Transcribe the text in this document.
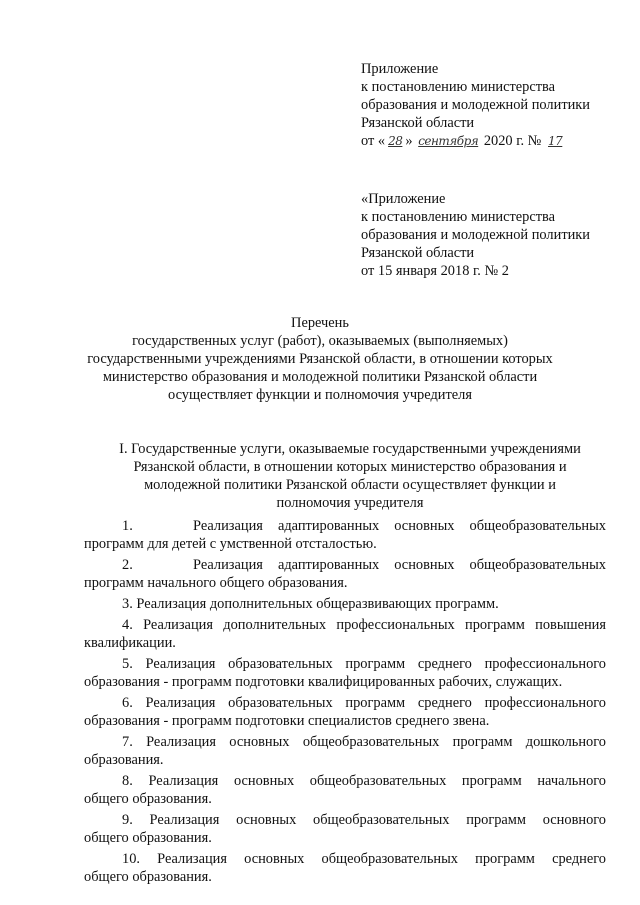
Приложение
к постановлению министерства
образования и молодежной политики
Рязанской области
от « 28 » сентября 2020 г. № 17
«Приложение
к постановлению министерства
образования и молодежной политики
Рязанской области
от 15 января 2018 г. № 2
Перечень
государственных услуг (работ), оказываемых (выполняемых)
государственными учреждениями Рязанской области, в отношении которых
министерство образования и молодежной политики Рязанской области
осуществляет функции и полномочия учредителя
I. Государственные услуги, оказываемые государственными учреждениями
Рязанской области, в отношении которых министерство образования и
молодежной политики Рязанской области осуществляет функции и
полномочия учредителя
1.    Реализация адаптированных основных общеобразовательных
программ для детей с умственной отсталостью.
2.    Реализация адаптированных основных общеобразовательных
программ начального общего образования.
3. Реализация дополнительных общеразвивающих программ.
4. Реализация дополнительных профессиональных программ повышения
квалификации.
5. Реализация образовательных программ среднего профессионального
образования - программ подготовки квалифицированных рабочих, служащих.
6. Реализация образовательных программ среднего профессионального
образования - программ подготовки специалистов среднего звена.
7. Реализация основных общеобразовательных программ дошкольного
образования.
8. Реализация основных общеобразовательных программ начального
общего образования.
9. Реализация основных общеобразовательных программ основного
общего образования.
10. Реализация основных общеобразовательных программ среднего
общего образования.
